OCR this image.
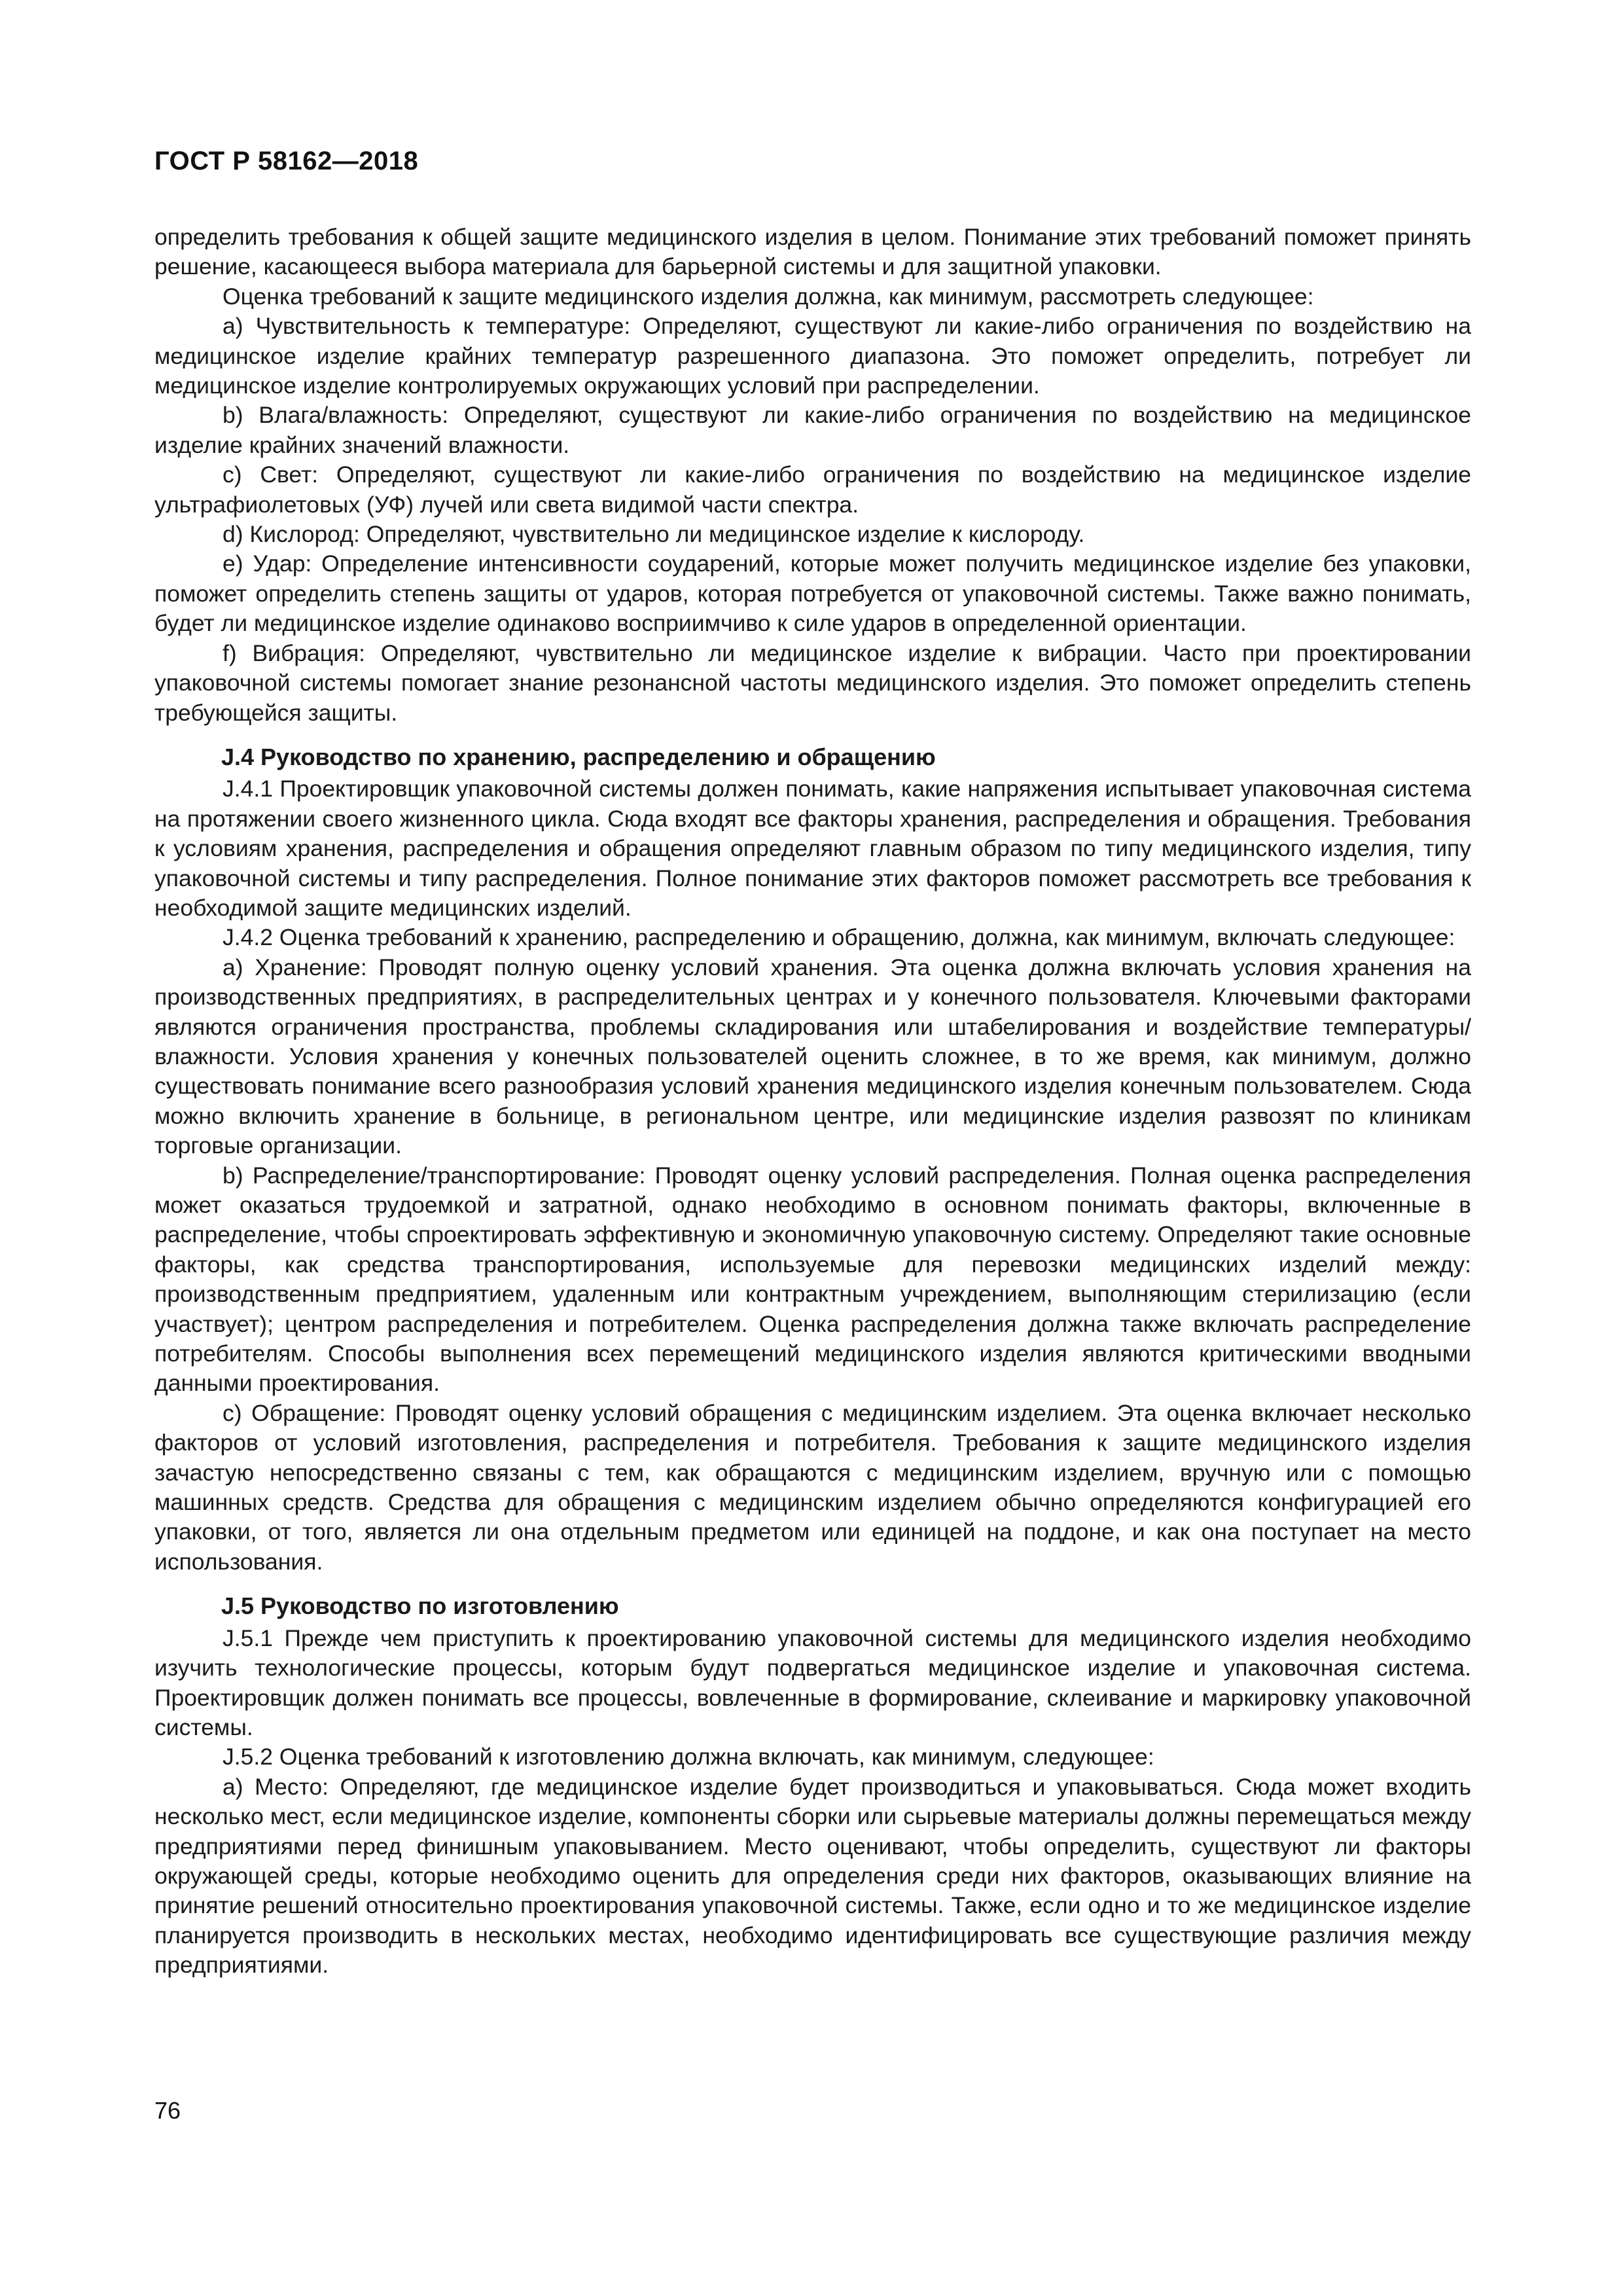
ГОСТ Р 58162—2018

определить требования к общей защите медицинского изделия в целом. Понимание этих требований поможет принять решение, касающееся выбора материала для барьерной системы и для защитной упаковки.

Оценка требований к защите медицинского изделия должна, как минимум, рассмотреть следующее:

a) Чувствительность к температуре: Определяют, существуют ли какие-либо ограничения по воздействию на медицинское изделие крайних температур разрешенного диапазона. Это поможет определить, потребует ли медицинское изделие контролируемых окружающих условий при распределении.

b) Влага/влажность: Определяют, существуют ли какие-либо ограничения по воздействию на медицинское изделие крайних значений влажности.

c) Свет: Определяют, существуют ли какие-либо ограничения по воздействию на медицинское изделие ультрафиолетовых (УФ) лучей или света видимой части спектра.

d) Кислород: Определяют, чувствительно ли медицинское изделие к кислороду.

e) Удар: Определение интенсивности соударений, которые может получить медицинское изделие без упаковки, поможет определить степень защиты от ударов, которая потребуется от упаковочной системы. Также важно понимать, будет ли медицинское изделие одинаково восприимчиво к силе ударов в определенной ориентации.

f) Вибрация: Определяют, чувствительно ли медицинское изделие к вибрации. Часто при проектировании упаковочной системы помогает знание резонансной частоты медицинского изделия. Это поможет определить степень требующейся защиты.

J.4 Руководство по хранению, распределению и обращению

J.4.1 Проектировщик упаковочной системы должен понимать, какие напряжения испытывает упаковочная система на протяжении своего жизненного цикла. Сюда входят все факторы хранения, распределения и обращения. Требования к условиям хранения, распределения и обращения определяют главным образом по типу медицинского изделия, типу упаковочной системы и типу распределения. Полное понимание этих факторов поможет рассмотреть все требования к необходимой защите медицинских изделий.

J.4.2 Оценка требований к хранению, распределению и обращению, должна, как минимум, включать следующее:

a) Хранение: Проводят полную оценку условий хранения. Эта оценка должна включать условия хранения на производственных предприятиях, в распределительных центрах и у конечного пользователя. Ключевыми факторами являются ограничения пространства, проблемы складирования или штабелирования и воздействие температуры/влажности. Условия хранения у конечных пользователей оценить сложнее, в то же время, как минимум, должно существовать понимание всего разнообразия условий хранения медицинского изделия конечным пользователем. Сюда можно включить хранение в больнице, в региональном центре, или медицинские изделия развозят по клиникам торговые организации.

b) Распределение/транспортирование: Проводят оценку условий распределения. Полная оценка распределения может оказаться трудоемкой и затратной, однако необходимо в основном понимать факторы, включенные в распределение, чтобы спроектировать эффективную и экономичную упаковочную систему. Определяют такие основные факторы, как средства транспортирования, используемые для перевозки медицинских изделий между: производственным предприятием, удаленным или контрактным учреждением, выполняющим стерилизацию (если участвует); центром распределения и потребителем. Оценка распределения должна также включать распределение потребителям. Способы выполнения всех перемещений медицинского изделия являются критическими вводными данными проектирования.

c) Обращение: Проводят оценку условий обращения с медицинским изделием. Эта оценка включает несколько факторов от условий изготовления, распределения и потребителя. Требования к защите медицинского изделия зачастую непосредственно связаны с тем, как обращаются с медицинским изделием, вручную или с помощью машинных средств. Средства для обращения с медицинским изделием обычно определяются конфигурацией его упаковки, от того, является ли она отдельным предметом или единицей на поддоне, и как она поступает на место использования.

J.5 Руководство по изготовлению

J.5.1 Прежде чем приступить к проектированию упаковочной системы для медицинского изделия необходимо изучить технологические процессы, которым будут подвергаться медицинское изделие и упаковочная система. Проектировщик должен понимать все процессы, вовлеченные в формирование, склеивание и маркировку упаковочной системы.

J.5.2 Оценка требований к изготовлению должна включать, как минимум, следующее:

a) Место: Определяют, где медицинское изделие будет производиться и упаковываться. Сюда может входить несколько мест, если медицинское изделие, компоненты сборки или сырьевые материалы должны перемещаться между предприятиями перед финишным упаковыванием. Место оценивают, чтобы определить, существуют ли факторы окружающей среды, которые необходимо оценить для определения среди них факторов, оказывающих влияние на принятие решений относительно проектирования упаковочной системы. Также, если одно и то же медицинское изделие планируется производить в нескольких местах, необходимо идентифицировать все существующие различия между предприятиями.

76
